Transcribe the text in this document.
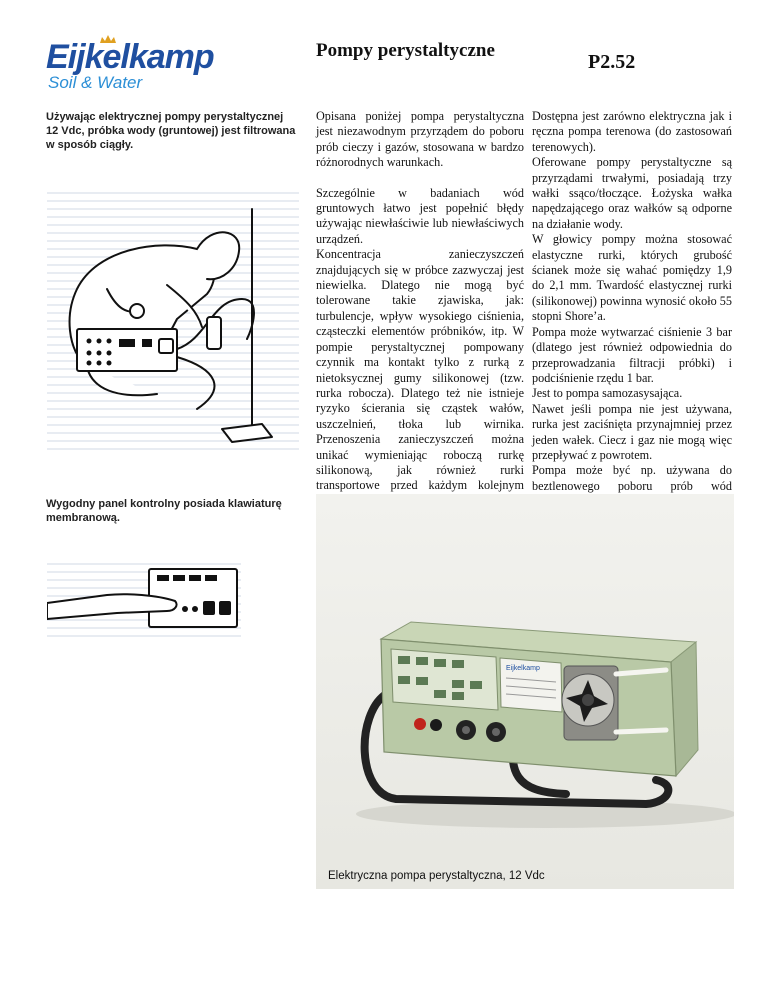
Eijkelkamp
Soil & Water
Pompy perystaltyczne
P2.52
Używając elektrycznej pompy perystaltycznej 12 Vdc, próbka wody (gruntowej) jest filtrowana w sposób ciągły.
Wygodny panel kontrolny posiada klawiaturę membranową.

Opisana poniżej pompa perystaltyczna jest niezawodnym przyrządem do poboru prób cieczy i gazów, stosowana w bardzo różnorodnych warunkach.

Szczególnie w badaniach wód gruntowych łatwo jest popełnić błędy używając niewłaściwie lub niewłaściwych urządzeń.

Koncentracja zanieczyszczeń znajdujących się w próbce zazwyczaj jest niewielka. Dlatego nie mogą być tolerowane takie zjawiska, jak: turbulencje, wpływ wysokiego ciśnienia, cząsteczki elementów próbników, itp. W pompie perystaltycznej pompowany czynnik ma kontakt tylko z rurką z nietoksycznej gumy silikonowej (tzw. rurka robocza). Dlatego też nie istnieje ryzyko ścierania się cząstek wałów, uszczelnień, tłoka lub wirnika. Przenoszenia zanieczyszczeń można unikać wymieniając roboczą rurkę silikonową, jak również rurki transportowe przed każdym kolejnym

Dostępna jest zarówno elektryczna jak i ręczna pompa terenowa (do zastosowań terenowych).

Oferowane pompy perystaltyczne są przyrządami trwałymi, posiadają trzy wałki ssąco/tłoczące. Łożyska wałka napędzającego oraz wałków są odporne na działanie wody.

W głowicy pompy można stosować elastyczne rurki, których grubość ścianek może się wahać pomiędzy 1,9 do 2,1 mm. Twardość elastycznej rurki (silikonowej) powinna wynosić około 55 stopni Shore’a.

Pompa może wytwarzać ciśnienie 3 bar (dlatego jest również odpowiednia do przeprowadzania filtracji próbki) i podciśnienie rzędu 1 bar.

Jest to pompa samozasysająca.

Nawet jeśli pompa nie jest używana, rurka jest zaciśnięta przynajmniej przez jeden wałek. Ciecz i gaz nie mogą więc przepływać z powrotem.

Pompa może być np. używana do beztlenowego poboru prób wód

Eijkelkamp
Elektryczna pompa perystaltyczna, 12 Vdc
